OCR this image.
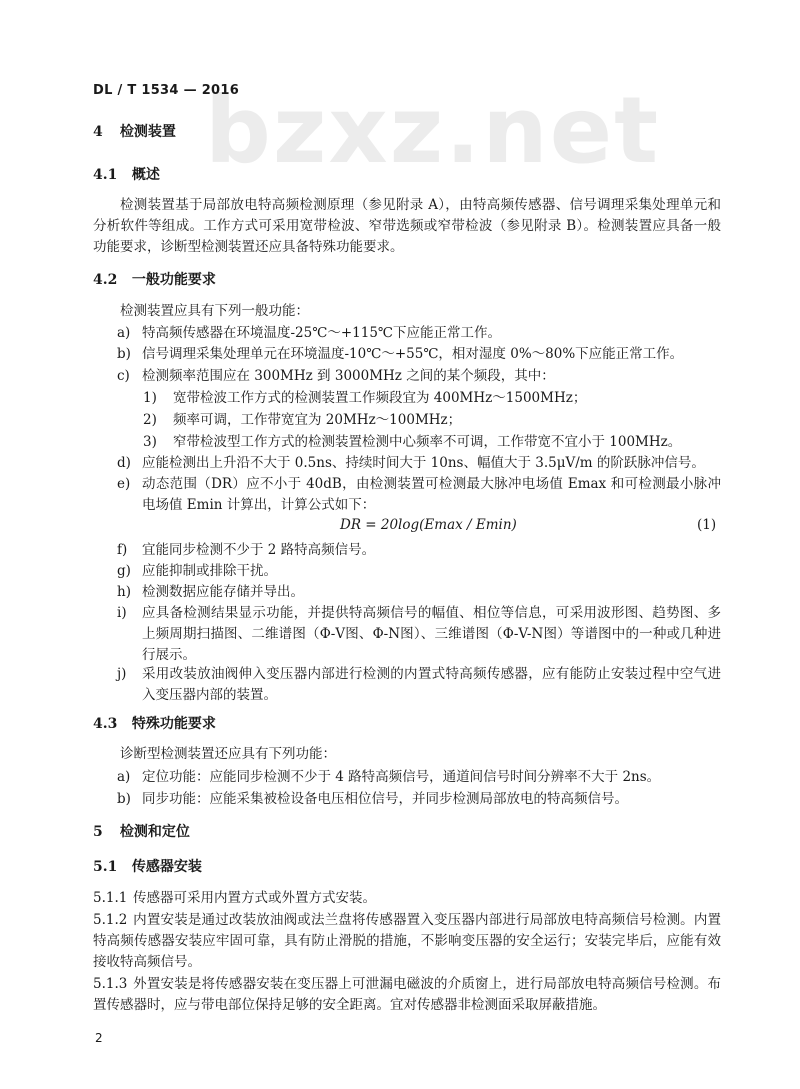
bzxz.net
DL / T 1534 — 2016
4 检测装置
4.1 概述
检测装置基于局部放电特高频检测原理（参见附录 A），由特高频传感器、信号调理采集处理单元和分析软件等组成。工作方式可采用宽带检波、窄带选频或窄带检波（参见附录 B）。检测装置应具备一般功能要求，诊断型检测装置还应具备特殊功能要求。
4.2 一般功能要求
检测装置应具有下列一般功能：
a) 特高频传感器在环境温度-25℃～+115℃下应能正常工作。
b) 信号调理采集处理单元在环境温度-10℃～+55℃，相对湿度 0%～80%下应能正常工作。
c) 检测频率范围应在 300MHz 到 3000MHz 之间的某个频段，其中：
1) 宽带检波工作方式的检测装置工作频段宜为 400MHz～1500MHz；
2) 频率可调，工作带宽宜为 20MHz～100MHz；
3) 窄带检波型工作方式的检测装置检测中心频率不可调，工作带宽不宜小于 100MHz。
d) 应能检测出上升沿不大于 0.5ns、持续时间大于 10ns、幅值大于 3.5μV/m 的阶跃脉冲信号。
e) 动态范围（DR）应不小于 40dB，由检测装置可检测最大脉冲电场值 Emax 和可检测最小脉冲电场值 Emin 计算出，计算公式如下：
DR = 20log(Emax / Emin)	(1)
f) 宜能同步检测不少于 2 路特高频信号。
g) 应能抑制或排除干扰。
h) 检测数据应能存储并导出。
i) 应具备检测结果显示功能，并提供特高频信号的幅值、相位等信息，可采用波形图、趋势图、多上频周期扫描图、二维谱图（Φ-V图、Φ-N图）、三维谱图（Φ-V-N图）等谱图中的一种或几种进行展示。
j) 采用改装放油阀伸入变压器内部进行检测的内置式特高频传感器，应有能防止安装过程中空气进入变压器内部的装置。
4.3 特殊功能要求
诊断型检测装置还应具有下列功能：
a) 定位功能：应能同步检测不少于 4 路特高频信号，通道间信号时间分辨率不大于 2ns。
b) 同步功能：应能采集被检设备电压相位信号，并同步检测局部放电的特高频信号。
5 检测和定位
5.1 传感器安装
5.1.1 传感器可采用内置方式或外置方式安装。
5.1.2 内置安装是通过改装放油阀或法兰盘将传感器置入变压器内部进行局部放电特高频信号检测。内置特高频传感器安装应牢固可靠，具有防止滑脱的措施，不影响变压器的安全运行；安装完毕后，应能有效接收特高频信号。
5.1.3 外置安装是将传感器安装在变压器上可泄漏电磁波的介质窗上，进行局部放电特高频信号检测。布置传感器时，应与带电部位保持足够的安全距离。宜对传感器非检测面采取屏蔽措施。
2
